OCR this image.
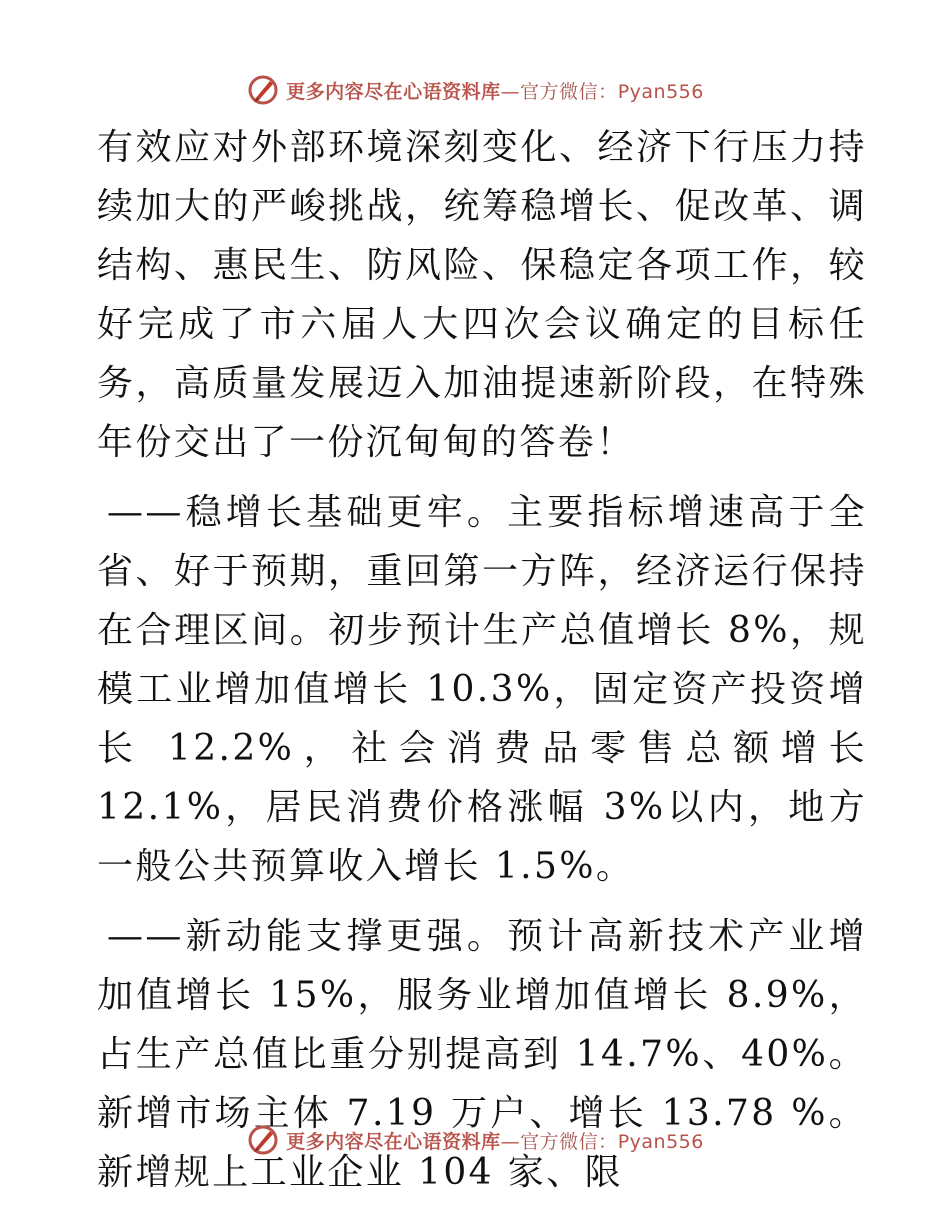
更多内容尽在心语资料库—官方微信：Pyan556

有效应对外部环境深刻变化、经济下行压力持续加大的严峻挑战，统筹稳增长、促改革、调结构、惠民生、防风险、保稳定各项工作，较好完成了市六届人大四次会议确定的目标任务，高质量发展迈入加油提速新阶段，在特殊年份交出了一份沉甸甸的答卷！

——稳增长基础更牢。主要指标增速高于全省、好于预期，重回第一方阵，经济运行保持在合理区间。初步预计生产总值增长 8%，规模工业增加值增长 10.3%，固定资产投资增长 12.2%，社会消费品零售总额增长 12.1%，居民消费价格涨幅 3%以内，地方一般公共预算收入增长 1.5%。

——新动能支撑更强。预计高新技术产业增加值增长 15%，服务业增加值增长 8.9%，占生产总值比重分别提高到 14.7%、40%。新增市场主体 7.19 万户、增长 13.78 %。新增规上工业企业 104 家、限

更多内容尽在心语资料库—官方微信：Pyan556
